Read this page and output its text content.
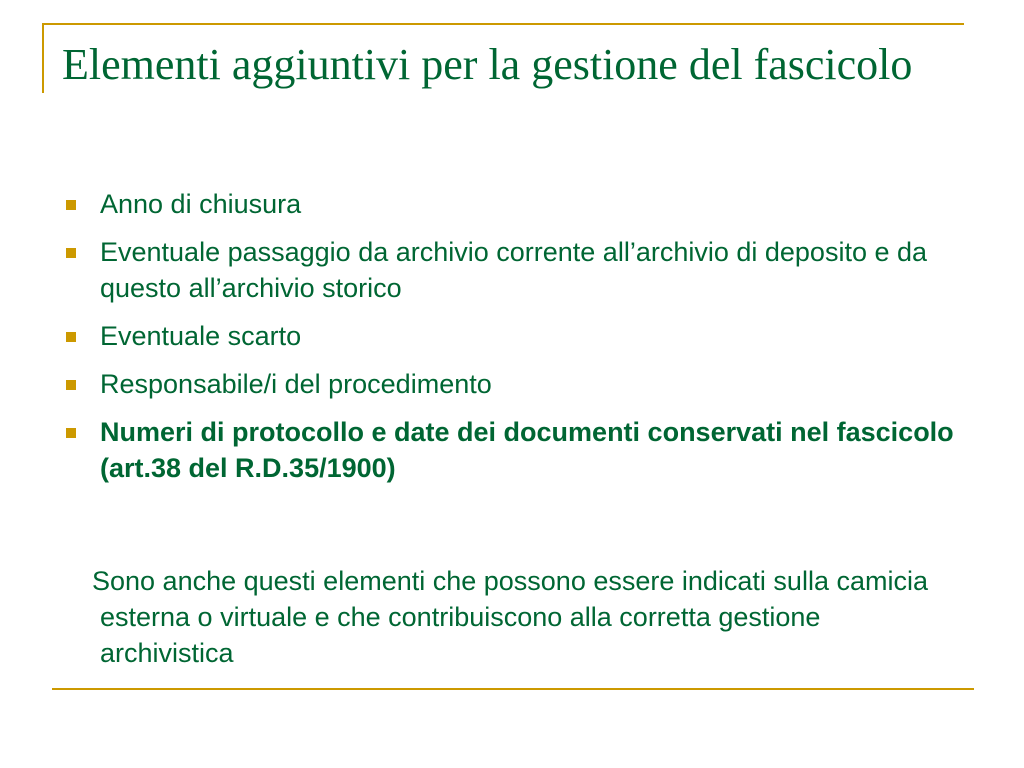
Elementi aggiuntivi per la gestione del fascicolo
Anno di chiusura
Eventuale passaggio da archivio corrente all’archivio di deposito e da questo all’archivio storico
Eventuale scarto
Responsabile/i del procedimento
Numeri di protocollo e date dei documenti conservati nel fascicolo (art.38 del R.D.35/1900)

Sono anche questi elementi che possono essere indicati sulla camicia esterna o virtuale e che contribuiscono alla corretta gestione archivistica
